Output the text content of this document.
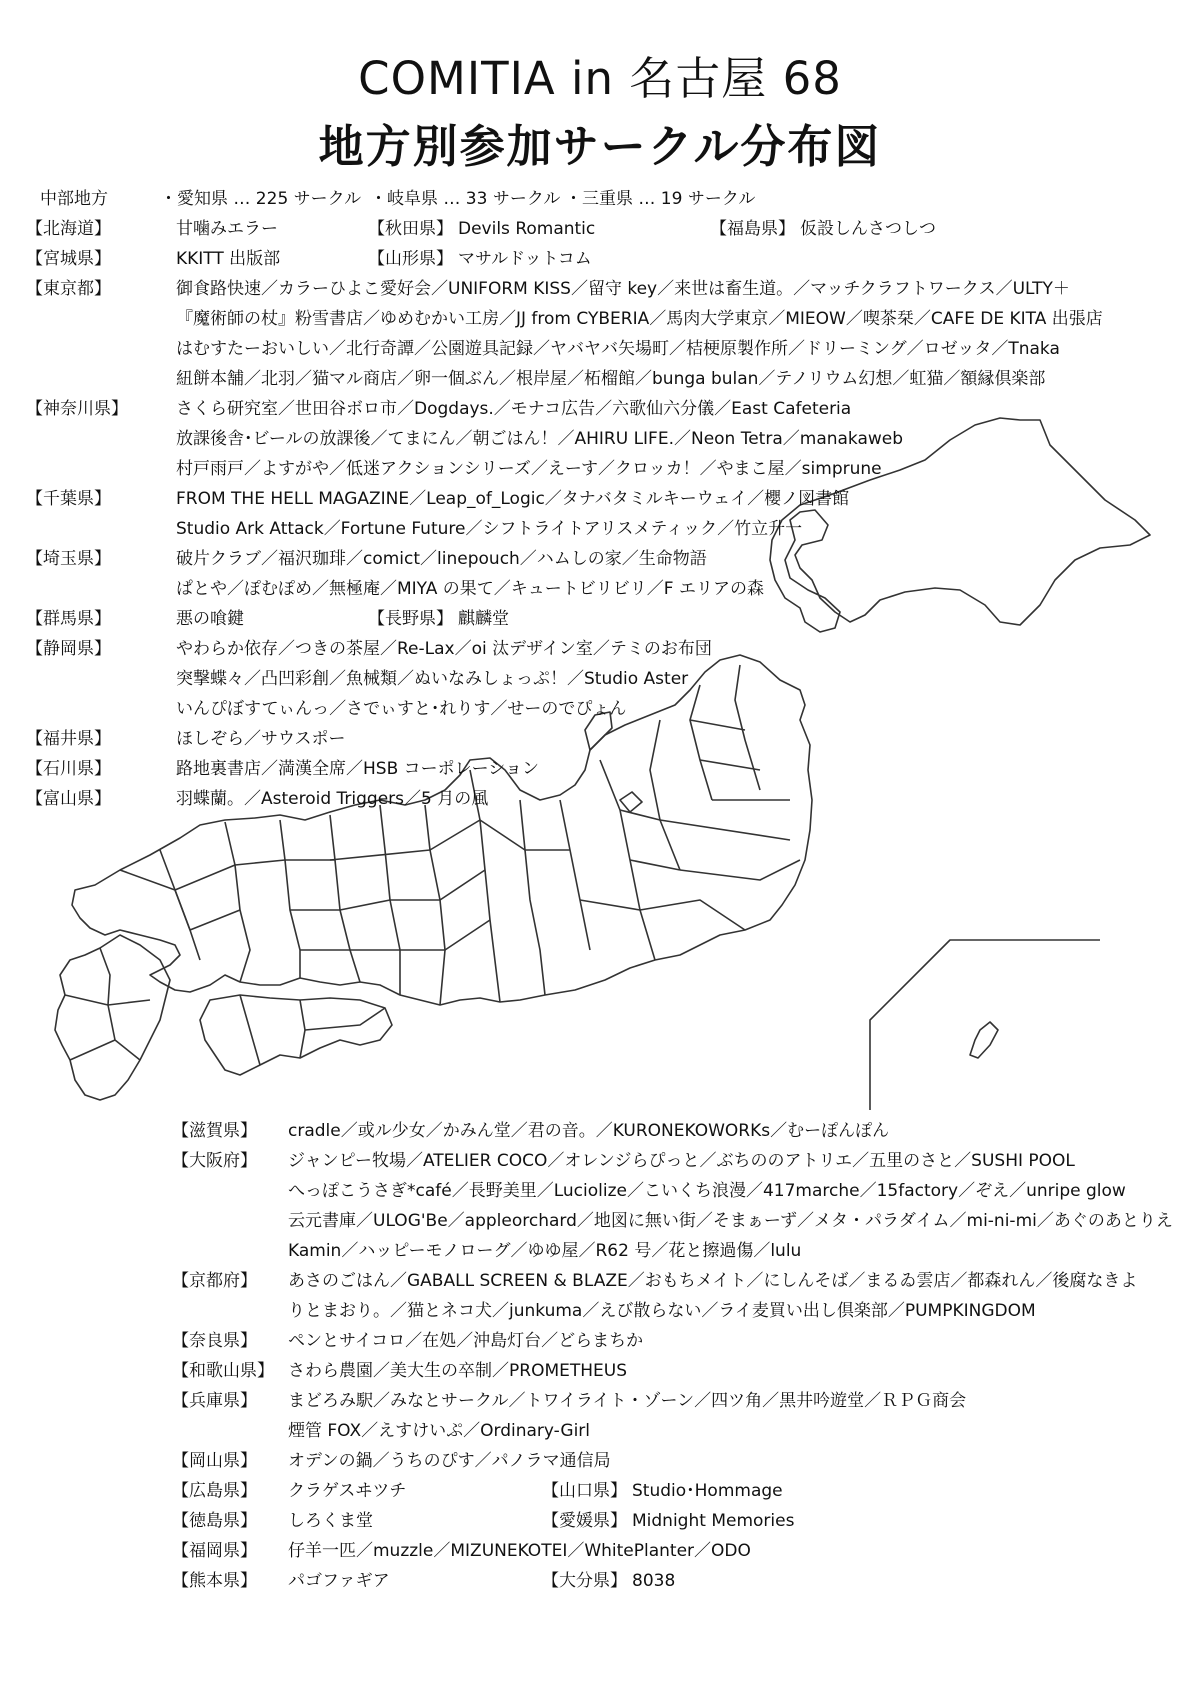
COMITIA in 名古屋 68
地方別参加サークル分布図
中部地方	・愛知県 … 225 サークル ・岐阜県 … 33 サークル ・三重県 … 19 サークル
【北海道】	甘噛みエラー	【秋田県】 Devils Romantic	【福島県】 仮設しんさつしつ
【宮城県】	KKITT 出版部	【山形県】 マサルドットコム
【東京都】	御食路快速／カラーひよこ愛好会／UNIFORM KISS／留守 key／来世は畜生道。／マッチクラフトワークス／ULTY＋
『魔術師の杖』粉雪書店／ゆめむかい工房／JJ from CYBERIA／馬肉大学東京／MIEOW／喫茶栞／CAFE DE KITA 出張店
はむすたーおいしい／北行奇譚／公園遊具記録／ヤバヤバ矢場町／桔梗原製作所／ドリーミング／ロゼッタ／Tnaka
紐餅本舗／北羽／猫マル商店／卵一個ぶん／根岸屋／柘榴館／bunga bulan／テノリウム幻想／虹猫／額縁倶楽部
【神奈川県】	さくら研究室／世田谷ボロ市／Dogdays.／モナコ広告／六歌仙六分儀／East Cafeteria
放課後舎･ビールの放課後／てまにん／朝ごはん！／AHIRU LIFE.／Neon Tetra／manakaweb
村戸雨戸／よすがや／低迷アクションシリーズ／えーす／クロッカ！／やまこ屋／simprune
【千葉県】	FROM THE HELL MAGAZINE／Leap_of_Logic／タナバタミルキーウェイ／櫻ノ図書館
Studio Ark Attack／Fortune Future／シフトライトアリスメティック／竹立升一
【埼玉県】	破片クラブ／福沢珈琲／comict／linepouch／ハムしの家／生命物語
ぱとや／ぽむぽめ／無極庵／MIYA の果て／キュートビリビリ／F エリアの森
【群馬県】	悪の喰鍵	【長野県】 麒麟堂
【静岡県】	やわらか依存／つきの茶屋／Re-Lax／oi 汰デザイン室／テミのお布団
突撃蝶々／凸凹彩創／魚械類／ぬいなみしょっぷ！／Studio Aster
いんぴぼすてぃんっ／さでぃすと･れりす／せーのでぴょん
【福井県】	ほしぞら／サウスポー
【石川県】	路地裏書店／満漢全席／HSB コーポレーション
【富山県】	羽蝶蘭。／Asteroid Triggers／5 月の風
【滋賀県】 cradle／或ル少女／かみん堂／君の音。／KURONEKOWORKs／むーぽんぽん
【大阪府】 ジャンピー牧場／ATELIER COCO／オレンジらぴっと／ぶちののアトリエ／五里のさと／SUSHI POOL
へっぽこうさぎ*café／長野美里／Luciolize／こいくち浪漫／417marche／15factory／ぞえ／unripe glow
云元書庫／ULOG'Be／appleorchard／地図に無い街／そまぁーず／メタ・パラダイム／mi-ni-mi／あぐのあとりえ
Kamin／ハッピーモノローグ／ゆゆ屋／R62 号／花と擦過傷／lulu
【京都府】 あさのごはん／GABALL SCREEN & BLAZE／おもちメイト／にしんそば／まるゐ雲店／都森れん／後腐なきよ
りとまおり。／猫とネコ犬／junkuma／えび散らない／ライ麦買い出し倶楽部／PUMPKINGDOM
【奈良県】 ペンとサイコロ／在処／沖島灯台／どらまちか
【和歌山県】 さわら農園／美大生の卒制／PROMETHEUS
【兵庫県】 まどろみ駅／みなとサークル／トワイライト・ゾーン／四ツ角／黒井吟遊堂／ＲＰＧ商会
煙管 FOX／えすけいぷ／Ordinary-Girl
【岡山県】 オデンの鍋／うちのぴす／パノラマ通信局
【広島県】 クラゲスヰツチ	【山口県】 Studio･Hommage
【徳島県】 しろくま堂	【愛媛県】 Midnight Memories
【福岡県】 仔羊一匹／muzzle／MIZUNEKOTEI／WhitePlanter／ODO
【熊本県】 パゴファギア	【大分県】 8038
